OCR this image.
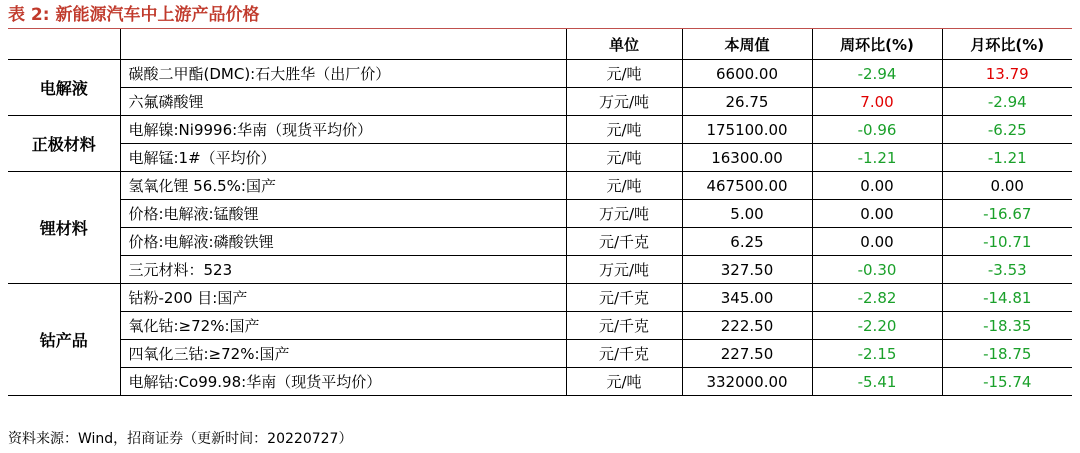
表 2: 新能源汽车中上游产品价格
		单位	本周值	周环比(%)	月环比(%)
电解液	碳酸二甲酯(DMC):石大胜华（出厂价）	元/吨	6600.00	-2.94	13.79
	六氟磷酸锂	万元/吨	26.75	7.00	-2.94
正极材料	电解镍:Ni9996:华南（现货平均价）	元/吨	175100.00	-0.96	-6.25
	电解锰:1#（平均价）	元/吨	16300.00	-1.21	-1.21
锂材料	氢氧化锂 56.5%:国产	元/吨	467500.00	0.00	0.00
	价格:电解液:锰酸锂	万元/吨	5.00	0.00	-16.67
	价格:电解液:磷酸铁锂	元/千克	6.25	0.00	-10.71
	三元材料：523	万元/吨	327.50	-0.30	-3.53
钴产品	钴粉-200 目:国产	元/千克	345.00	-2.82	-14.81
	氧化钴:≥72%:国产	元/千克	222.50	-2.20	-18.35
	四氧化三钴:≥72%:国产	元/千克	227.50	-2.15	-18.75
	电解钴:Co99.98:华南（现货平均价）	元/吨	332000.00	-5.41	-15.74
资料来源：Wind，招商证券（更新时间：20220727）
